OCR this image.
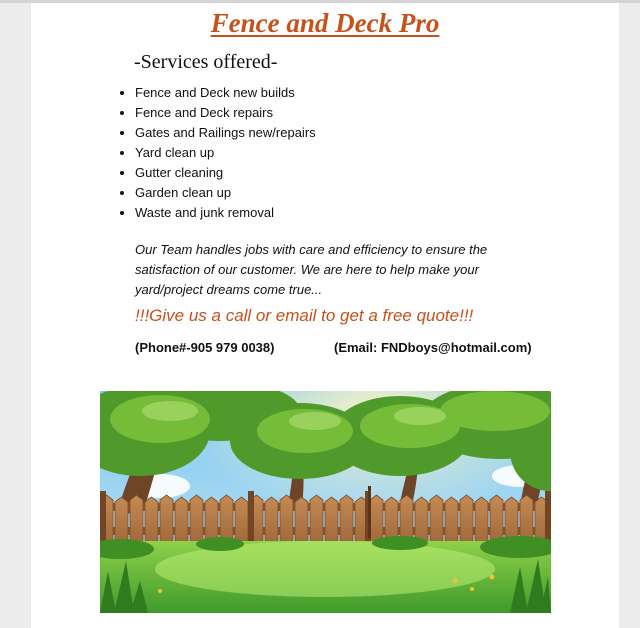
Fence and Deck Pro

-Services offered-

• Fence and Deck new builds
• Fence and Deck repairs
• Gates and Railings new/repairs
• Yard clean up
• Gutter cleaning
• Garden clean up
• Waste and junk removal

Our Team handles jobs with care and efficiency to ensure the satisfaction of our customer. We are here to help make your yard/project dreams come true...

!!!Give us a call or email to get a free quote!!!

(Phone#-905 979 0038)	(Email: FNDboys@hotmail.com)
